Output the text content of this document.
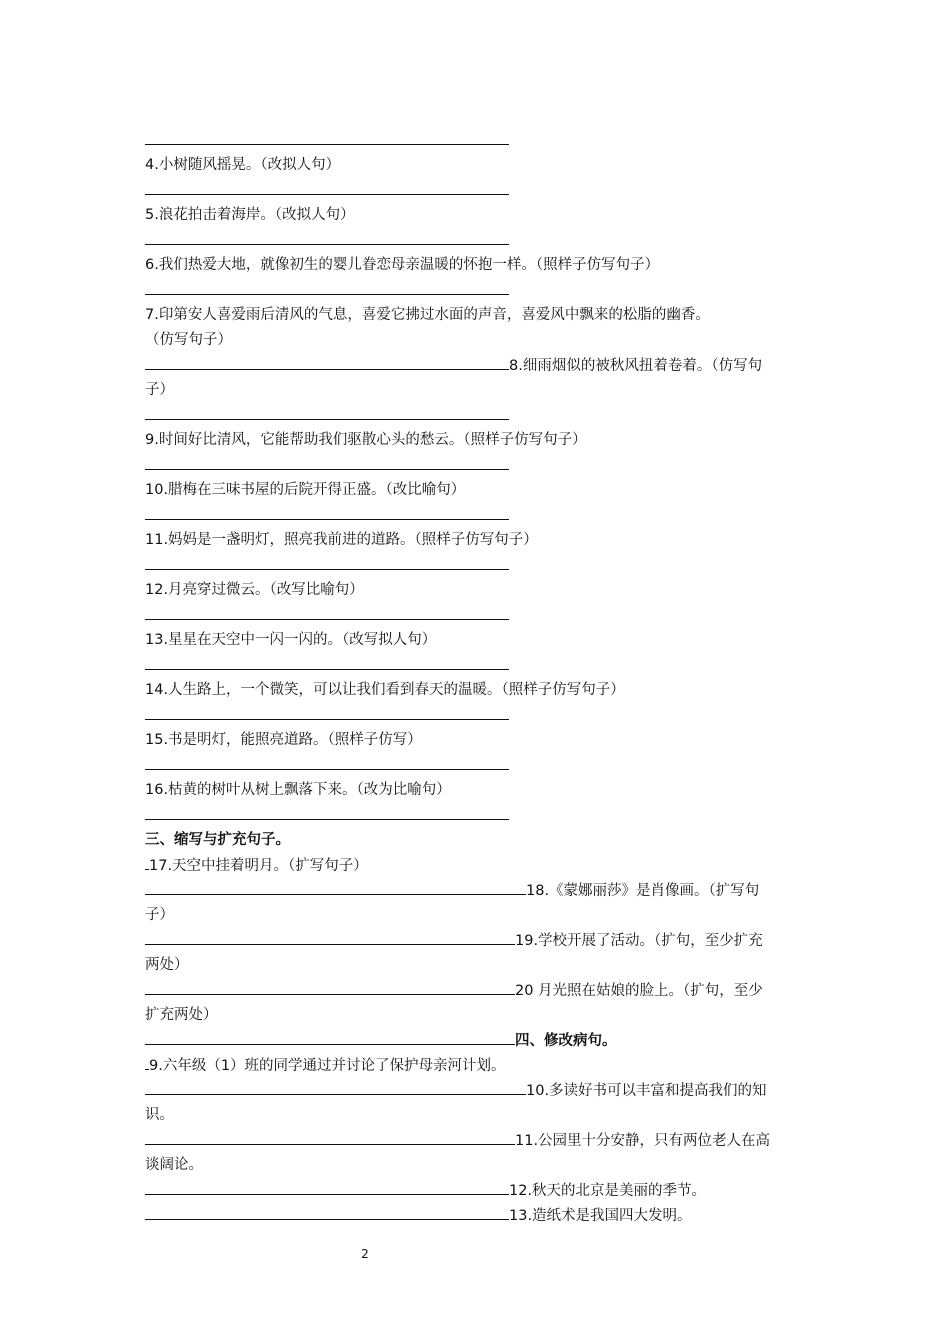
4.小树随风摇晃。（改拟人句）
5.浪花拍击着海岸。（改拟人句）
6.我们热爱大地，就像初生的婴儿眷恋母亲温暖的怀抱一样。（照样子仿写句子）
7.印第安人喜爱雨后清风的气息，喜爱它拂过水面的声音，喜爱风中飘来的松脂的幽香。
（仿写句子）
8.细雨烟似的被秋风扭着卷着。（仿写句
子）
9.时间好比清风，它能帮助我们驱散心头的愁云。（照样子仿写句子）
10.腊梅在三味书屋的后院开得正盛。（改比喻句）
11.妈妈是一盏明灯，照亮我前进的道路。（照样子仿写句子）
12.月亮穿过微云。（改写比喻句）
13.星星在天空中一闪一闪的。（改写拟人句）
14.人生路上，一个微笑，可以让我们看到春天的温暖。（照样子仿写句子）
15.书是明灯，能照亮道路。（照样子仿写）
16.枯黄的树叶从树上飘落下来。（改为比喻句）
三、缩写与扩充句子。
17.天空中挂着明月。（扩写句子）
18.《蒙娜丽莎》是肖像画。（扩写句
子）
19.学校开展了活动。（扩句，至少扩充
两处）
20 月光照在姑娘的脸上。（扩句，至少
扩充两处）
四、修改病句。
9.六年级（1）班的同学通过并讨论了保护母亲河计划。
10.多读好书可以丰富和提高我们的知
识。
11.公园里十分安静，只有两位老人在高
谈阔论。
12.秋天的北京是美丽的季节。
13.造纸术是我国四大发明。
2
